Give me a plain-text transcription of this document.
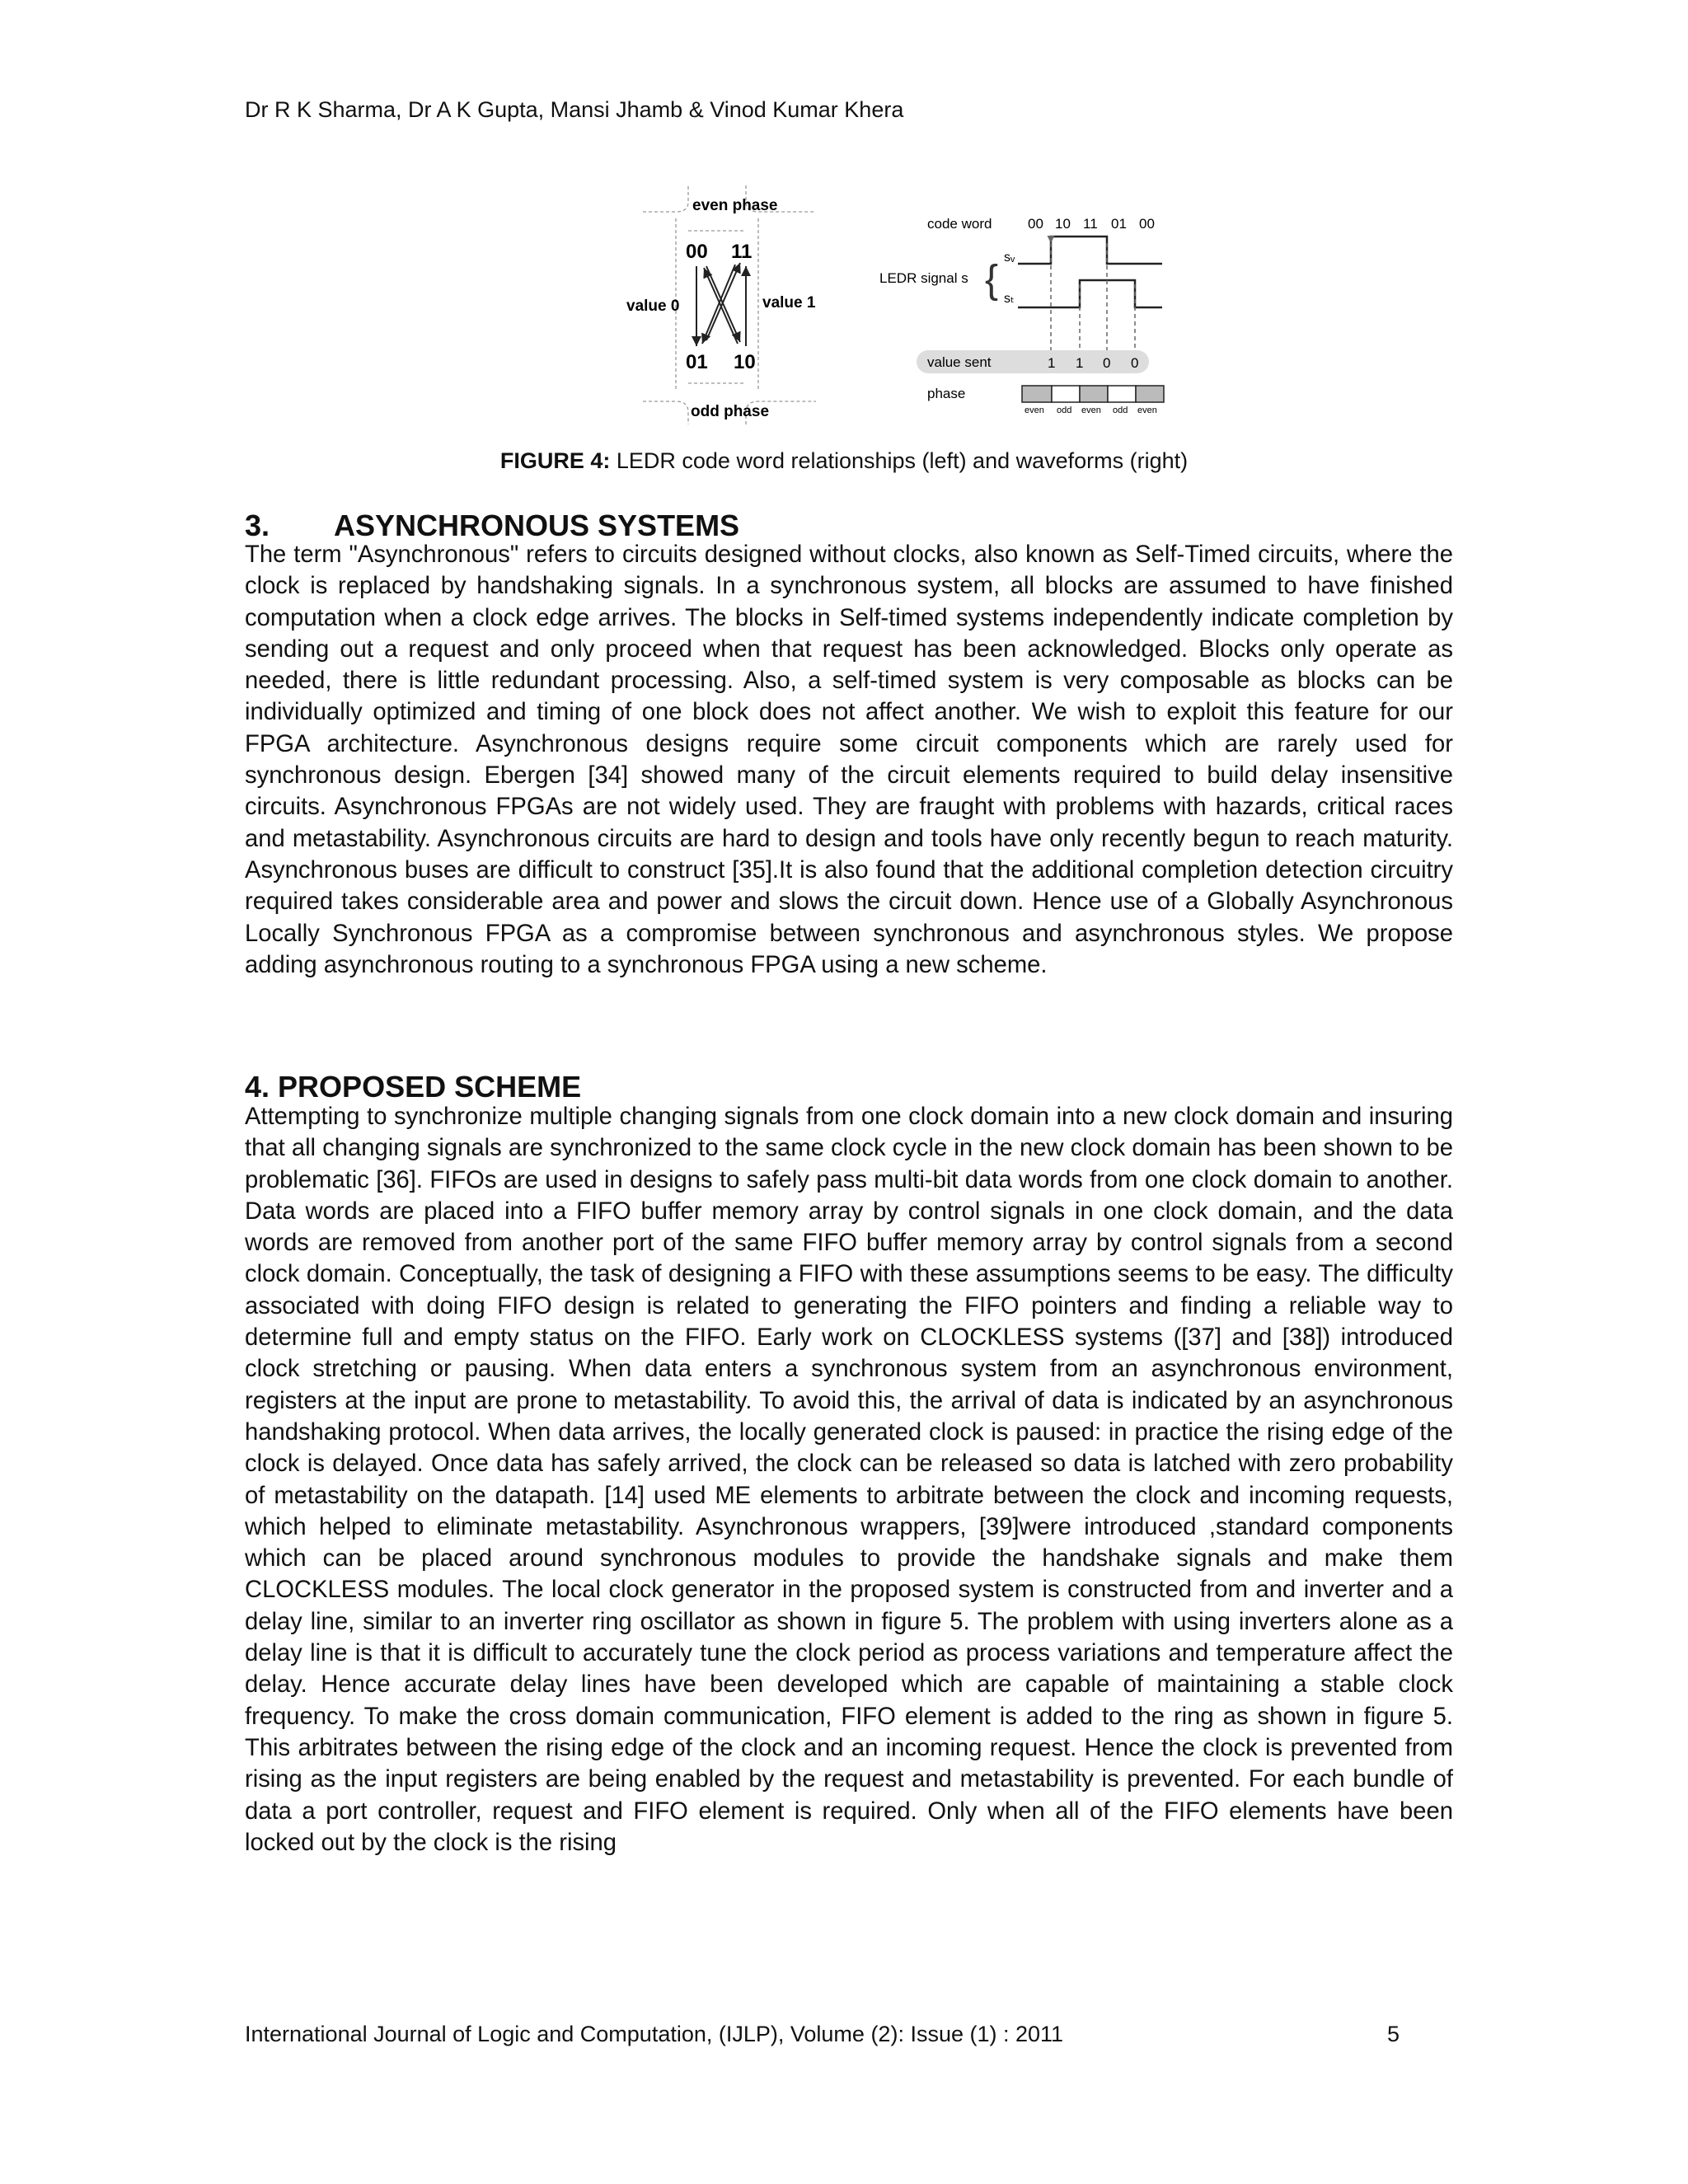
Dr R K Sharma, Dr A K Gupta, Mansi Jhamb & Vinod Kumar Khera
even phase
odd phase
value 0	value 1
00 11
01 10
code word	00 10 11 01 00
LEDR signal s {
sᵥ
sₜ
value sent	1 1 0 0
phase
even odd even odd even
FIGURE 4: LEDR code word relationships (left) and waveforms (right)
3. ASYNCHRONOUS SYSTEMS

The term "Asynchronous" refers to circuits designed without clocks, also known as Self-Timed circuits, where the clock is replaced by handshaking signals. In a synchronous system, all blocks are assumed to have finished computation when a clock edge arrives. The blocks in Self-timed systems independently indicate completion by sending out a request and only proceed when that request has been acknowledged. Blocks only operate as needed, there is little redundant processing. Also, a self-timed system is very composable as blocks can be individually optimized and timing of one block does not affect another. We wish to exploit this feature for our FPGA architecture. Asynchronous designs require some circuit components which are rarely used for synchronous design. Ebergen [34] showed many of the circuit elements required to build delay insensitive circuits. Asynchronous FPGAs are not widely used. They are fraught with problems with hazards, critical races and metastability. Asynchronous circuits are hard to design and tools have only recently begun to reach maturity. Asynchronous buses are difficult to construct [35].It is also found that the additional completion detection circuitry required takes considerable area and power and slows the circuit down. Hence use of a Globally Asynchronous Locally Synchronous FPGA as a compromise between synchronous and asynchronous styles. We propose adding asynchronous routing to a synchronous FPGA using a new scheme.

4. PROPOSED SCHEME

Attempting to synchronize multiple changing signals from one clock domain into a new clock domain and insuring that all changing signals are synchronized to the same clock cycle in the new clock domain has been shown to be problematic [36]. FIFOs are used in designs to safely pass multi-bit data words from one clock domain to another. Data words are placed into a FIFO buffer memory array by control signals in one clock domain, and the data words are removed from another port of the same FIFO buffer memory array by control signals from a second clock domain. Conceptually, the task of designing a FIFO with these assumptions seems to be easy. The difficulty associated with doing FIFO design is related to generating the FIFO pointers and finding a reliable way to determine full and empty status on the FIFO. Early work on CLOCKLESS systems ([37] and [38]) introduced clock stretching or pausing. When data enters a synchronous system from an asynchronous environment, registers at the input are prone to metastability. To avoid this, the arrival of data is indicated by an asynchronous handshaking protocol. When data arrives, the locally generated clock is paused: in practice the rising edge of the clock is delayed. Once data has safely arrived, the clock can be released so data is latched with zero probability of metastability on the datapath. [14] used ME elements to arbitrate between the clock and incoming requests, which helped to eliminate metastability. Asynchronous wrappers, [39]were introduced ,standard components which can be placed around synchronous modules to provide the handshake signals and make them CLOCKLESS modules. The local clock generator in the proposed system is constructed from and inverter and a delay line, similar to an inverter ring oscillator as shown in figure 5. The problem with using inverters alone as a delay line is that it is difficult to accurately tune the clock period as process variations and temperature affect the delay. Hence accurate delay lines have been developed which are capable of maintaining a stable clock frequency. To make the cross domain communication, FIFO element is added to the ring as shown in figure 5. This arbitrates between the rising edge of the clock and an incoming request. Hence the clock is prevented from rising as the input registers are being enabled by the request and metastability is prevented. For each bundle of data a port controller, request and FIFO element is required. Only when all of the FIFO elements have been locked out by the clock is the rising

International Journal of Logic and Computation, (IJLP), Volume (2): Issue (1) : 2011	5
